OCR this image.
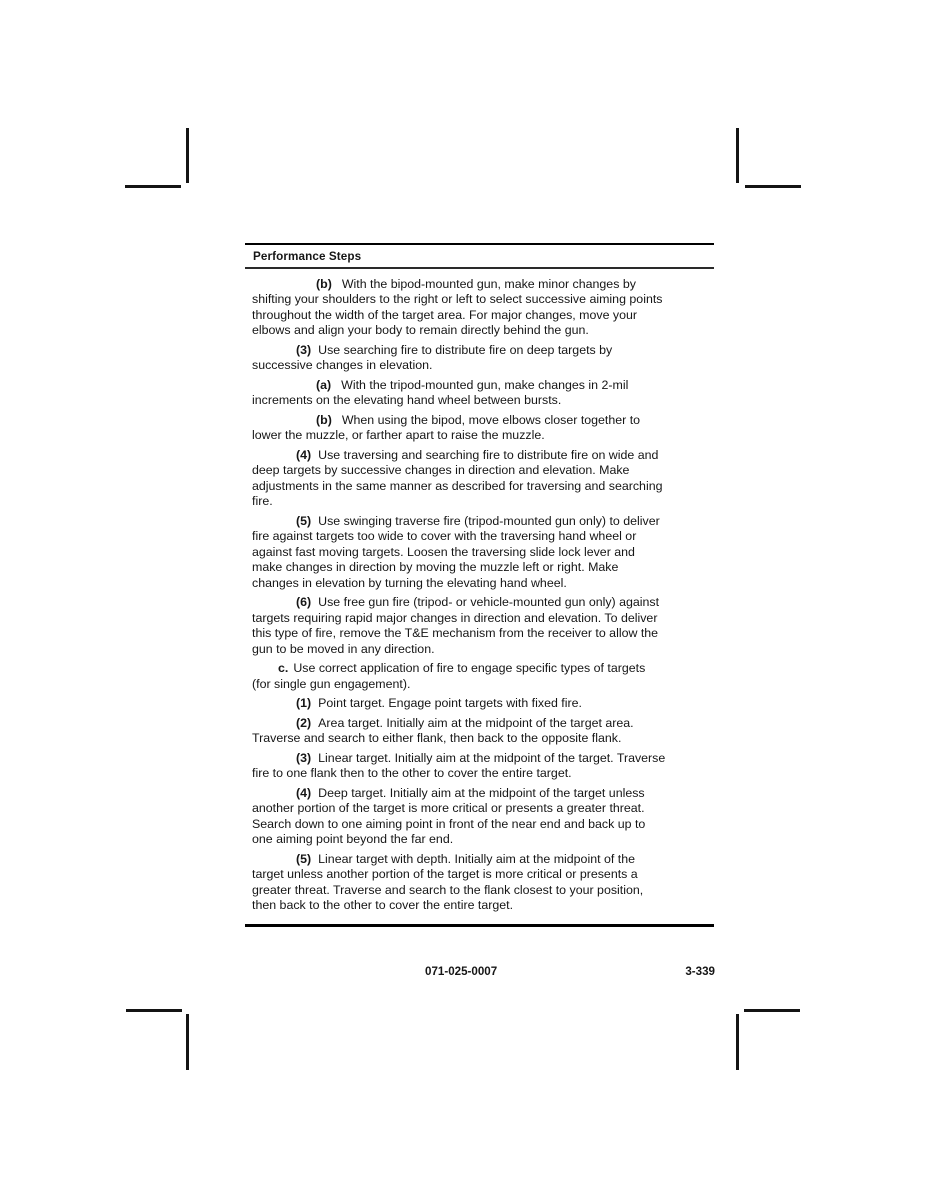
Performance Steps
(b) With the bipod-mounted gun, make minor changes by
shifting your shoulders to the right or left to select successive aiming points
throughout the width of the target area. For major changes, move your
elbows and align your body to remain directly behind the gun.
(3) Use searching fire to distribute fire on deep targets by
successive changes in elevation.
(a) With the tripod-mounted gun, make changes in 2-mil
increments on the elevating hand wheel between bursts.
(b) When using the bipod, move elbows closer together to
lower the muzzle, or farther apart to raise the muzzle.
(4) Use traversing and searching fire to distribute fire on wide and
deep targets by successive changes in direction and elevation. Make
adjustments in the same manner as described for traversing and searching
fire.
(5) Use swinging traverse fire (tripod-mounted gun only) to deliver
fire against targets too wide to cover with the traversing hand wheel or
against fast moving targets. Loosen the traversing slide lock lever and
make changes in direction by moving the muzzle left or right. Make
changes in elevation by turning the elevating hand wheel.
(6) Use free gun fire (tripod- or vehicle-mounted gun only) against
targets requiring rapid major changes in direction and elevation. To deliver
this type of fire, remove the T&E mechanism from the receiver to allow the
gun to be moved in any direction.
c. Use correct application of fire to engage specific types of targets
(for single gun engagement).
(1) Point target. Engage point targets with fixed fire.
(2) Area target. Initially aim at the midpoint of the target area.
Traverse and search to either flank, then back to the opposite flank.
(3) Linear target. Initially aim at the midpoint of the target. Traverse
fire to one flank then to the other to cover the entire target.
(4) Deep target. Initially aim at the midpoint of the target unless
another portion of the target is more critical or presents a greater threat.
Search down to one aiming point in front of the near end and back up to
one aiming point beyond the far end.
(5) Linear target with depth. Initially aim at the midpoint of the
target unless another portion of the target is more critical or presents a
greater threat. Traverse and search to the flank closest to your position,
then back to the other to cover the entire target.
071-025-0007	3-339
